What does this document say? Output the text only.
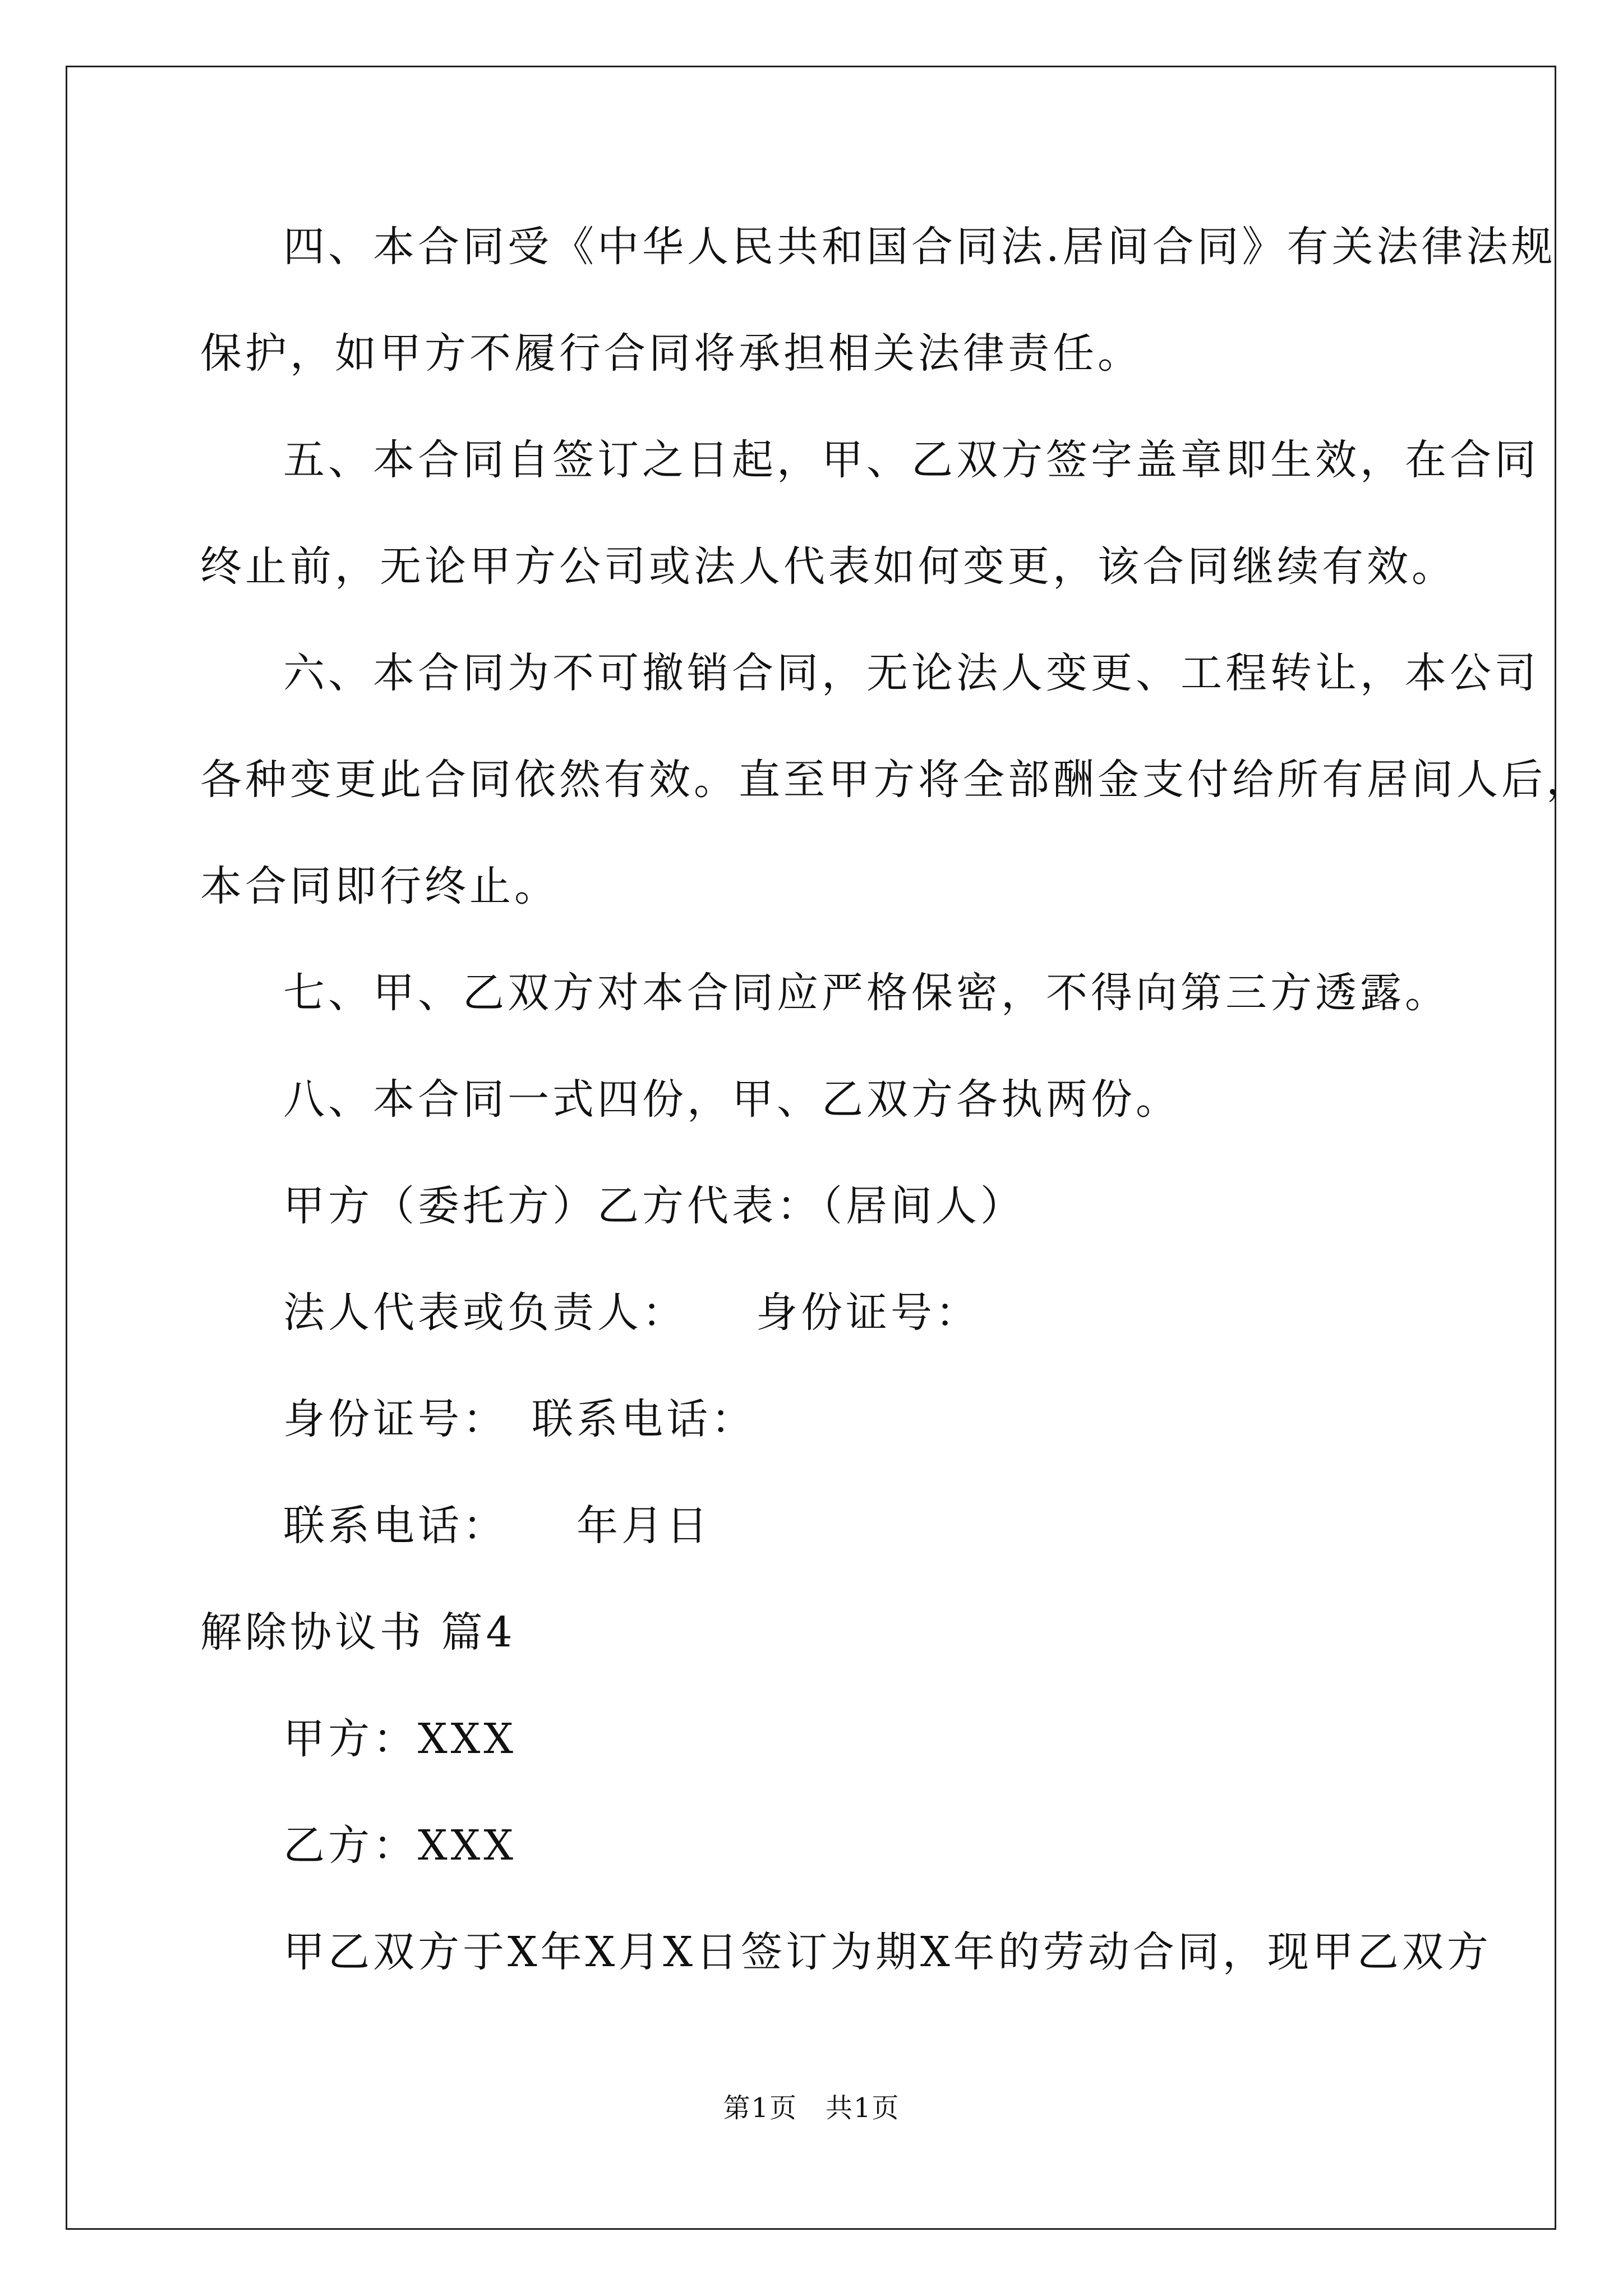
四、本合同受《中华人民共和国合同法.居间合同》有关法律法规
保护，如甲方不履行合同将承担相关法律责任。
五、本合同自签订之日起，甲、乙双方签字盖章即生效，在合同
终止前，无论甲方公司或法人代表如何变更，该合同继续有效。
六、本合同为不可撤销合同，无论法人变更、工程转让，本公司
各种变更此合同依然有效。直至甲方将全部酬金支付给所有居间人后，
本合同即行终止。
七、甲、乙双方对本合同应严格保密，不得向第三方透露。
八、本合同一式四份，甲、乙双方各执两份。
甲方（委托方）乙方代表：（居间人）
法人代表或负责人：　　身份证号：
身份证号：　联系电话：
联系电话：　　年月日
解除协议书 篇4
甲方：XXX
乙方：XXX
甲乙双方于X年X月X日签订为期X年的劳动合同，现甲乙双方
第1页　共1页
